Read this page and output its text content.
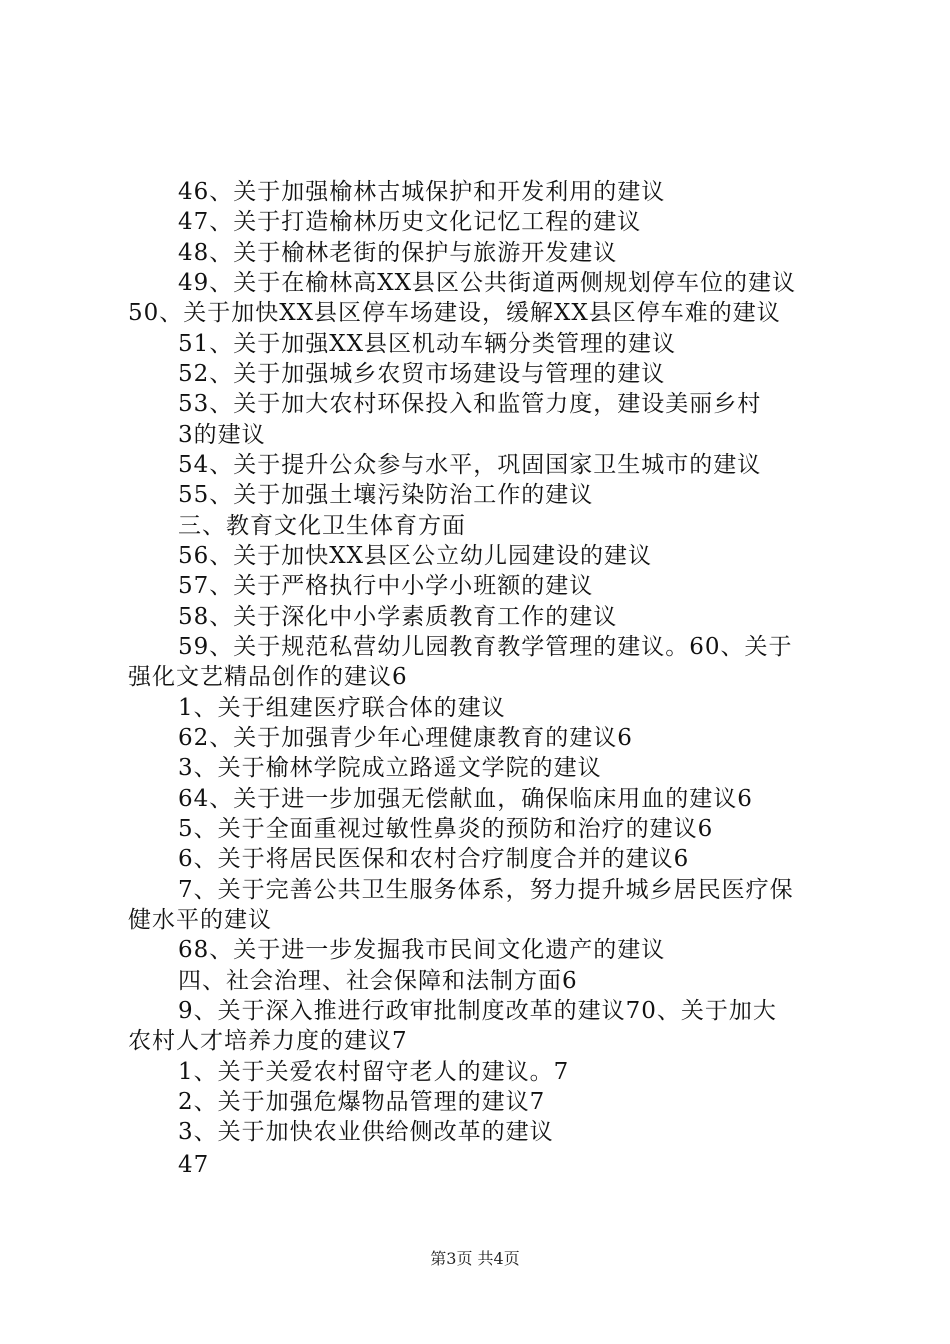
46、关于加强榆林古城保护和开发利用的建议
47、关于打造榆林历史文化记忆工程的建议
48、关于榆林老街的保护与旅游开发建议
49、关于在榆林高XX县区公共街道两侧规划停车位的建议
50、关于加快XX县区停车场建设，缓解XX县区停车难的建议
51、关于加强XX县区机动车辆分类管理的建议
52、关于加强城乡农贸市场建设与管理的建议
53、关于加大农村环保投入和监管力度，建设美丽乡村
3的建议
54、关于提升公众参与水平，巩固国家卫生城市的建议
55、关于加强土壤污染防治工作的建议
三、教育文化卫生体育方面
56、关于加快XX县区公立幼儿园建设的建议
57、关于严格执行中小学小班额的建议
58、关于深化中小学素质教育工作的建议
59、关于规范私营幼儿园教育教学管理的建议。60、关于
强化文艺精品创作的建议6
1、关于组建医疗联合体的建议
62、关于加强青少年心理健康教育的建议6
3、关于榆林学院成立路遥文学院的建议
64、关于进一步加强无偿献血，确保临床用血的建议6
5、关于全面重视过敏性鼻炎的预防和治疗的建议6
6、关于将居民医保和农村合疗制度合并的建议6
7、关于完善公共卫生服务体系，努力提升城乡居民医疗保
健水平的建议
68、关于进一步发掘我市民间文化遗产的建议
四、社会治理、社会保障和法制方面6
9、关于深入推进行政审批制度改革的建议70、关于加大
农村人才培养力度的建议7
1、关于关爱农村留守老人的建议。7
2、关于加强危爆物品管理的建议7
3、关于加快农业供给侧改革的建议
47
第3页 共4页
